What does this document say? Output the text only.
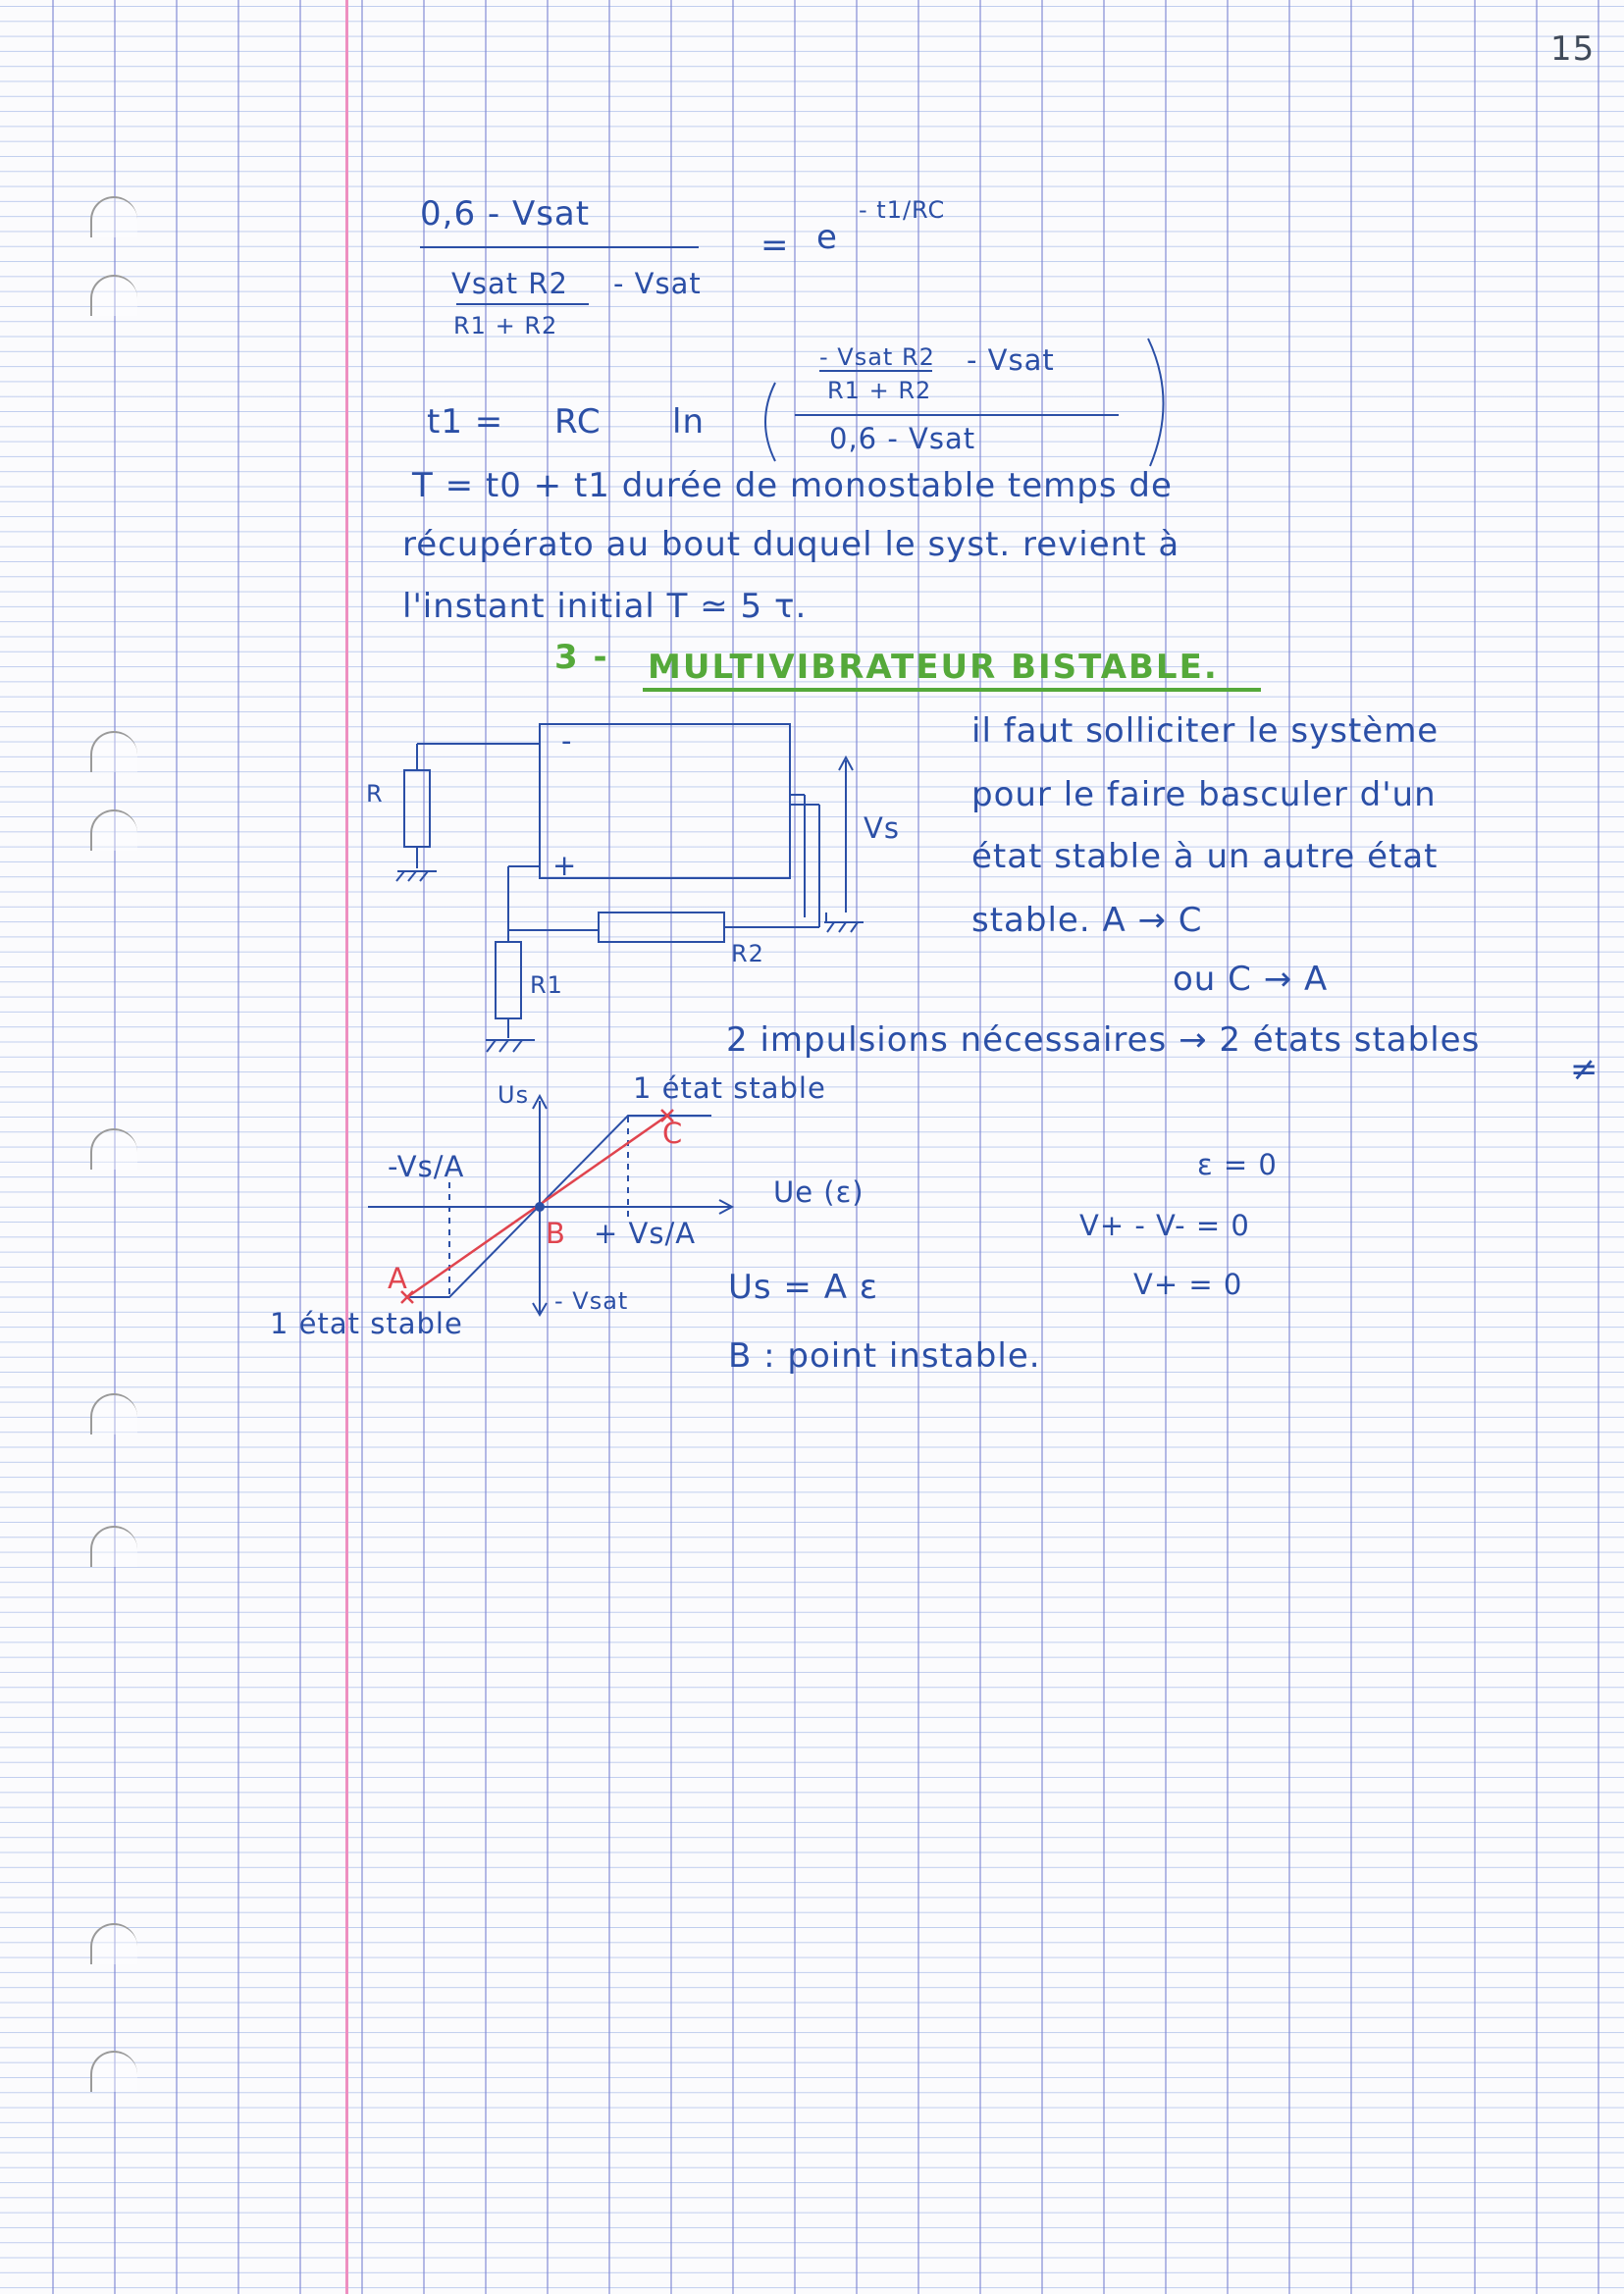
15
0,6 - Vsat
Vsat R2
R1 + R2
- Vsat
= e
- t1/RC
t1 = RC ln
- Vsat R2
R1 + R2
- Vsat
0,6 - Vsat
T = t0 + t1 durée de monostable temps de
récupérato au bout duquel le syst. revient à
l'instant initial T ≃ 5 τ.
3 - MULTIVIBRATEUR BISTABLE.
R
-
+
Vs
R1
R2
il faut solliciter le système
pour le faire basculer d'un
état stable à un autre état
stable. A → C
ou C → A
2 impulsions nécessaires → 2 états stables
≠
Us	1 état stable
-Vs/A
Ue (ε)
C
B
A
+ Vs/A
- Vsat
1 état stable
ε = 0
V+ - V- = 0
V+ = 0
Us = A ε
B : point instable.
